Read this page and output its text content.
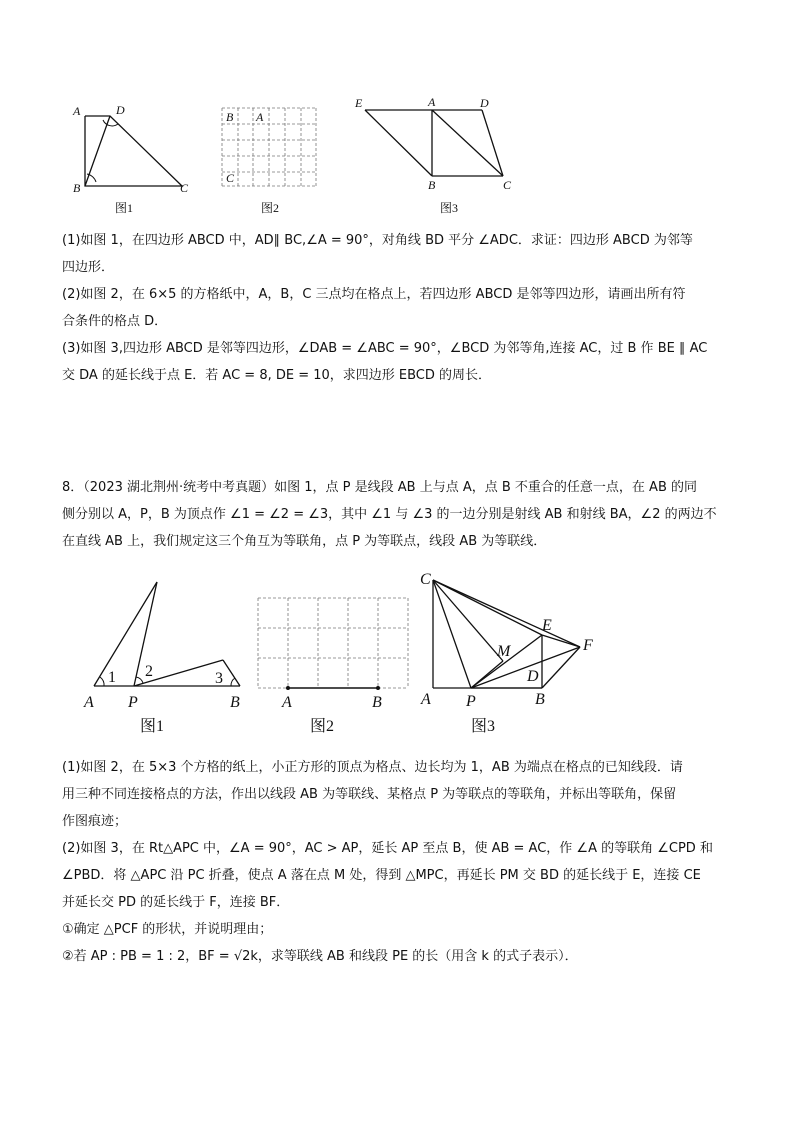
A	D
B	C
图1
B A
C
图2
E	A	D
B	C
图3

(1)如图 1，在四边形 ABCD 中，AD∥ BC,∠A = 90°，对角线 BD 平分 ∠ADC．求证：四边形 ABCD 为邻等

四边形．

(2)如图 2，在 6×5 的方格纸中，A，B，C 三点均在格点上，若四边形 ABCD 是邻等四边形，请画出所有符

合条件的格点 D．

(3)如图 3,四边形 ABCD 是邻等四边形，∠DAB = ∠ABC = 90°，∠BCD 为邻等角,连接 AC，过 B 作 BE ∥ AC

交 DA 的延长线于点 E．若 AC = 8, DE = 10，求四边形 EBCD 的周长．

8．（2023 湖北荆州·统考中考真题）如图 1，点 P 是线段 AB 上与点 A，点 B 不重合的任意一点，在 AB 的同

侧分别以 A，P，B 为顶点作 ∠1 = ∠2 = ∠3，其中 ∠1 与 ∠3 的一边分别是射线 AB 和射线 BA，∠2 的两边不

在直线 AB 上，我们规定这三个角互为等联角，点 P 为等联点，线段 AB 为等联线．

A P	B
1 2	3
图1
A	B
图2
C
E
F
M
D
A P	B
图3

(1)如图 2，在 5×3 个方格的纸上，小正方形的顶点为格点、边长均为 1，AB 为端点在格点的已知线段．请

用三种不同连接格点的方法，作出以线段 AB 为等联线、某格点 P 为等联点的等联角，并标出等联角，保留

作图痕迹；

(2)如图 3，在 Rt△APC 中，∠A = 90°，AC > AP，延长 AP 至点 B，使 AB = AC，作 ∠A 的等联角 ∠CPD 和

∠PBD．将 △APC 沿 PC 折叠，使点 A 落在点 M 处，得到 △MPC，再延长 PM 交 BD 的延长线于 E，连接 CE

并延长交 PD 的延长线于 F，连接 BF．

①确定 △PCF 的形状，并说明理由；

②若 AP : PB = 1 : 2，BF = √2k，求等联线 AB 和线段 PE 的长（用含 k 的式子表示）．
